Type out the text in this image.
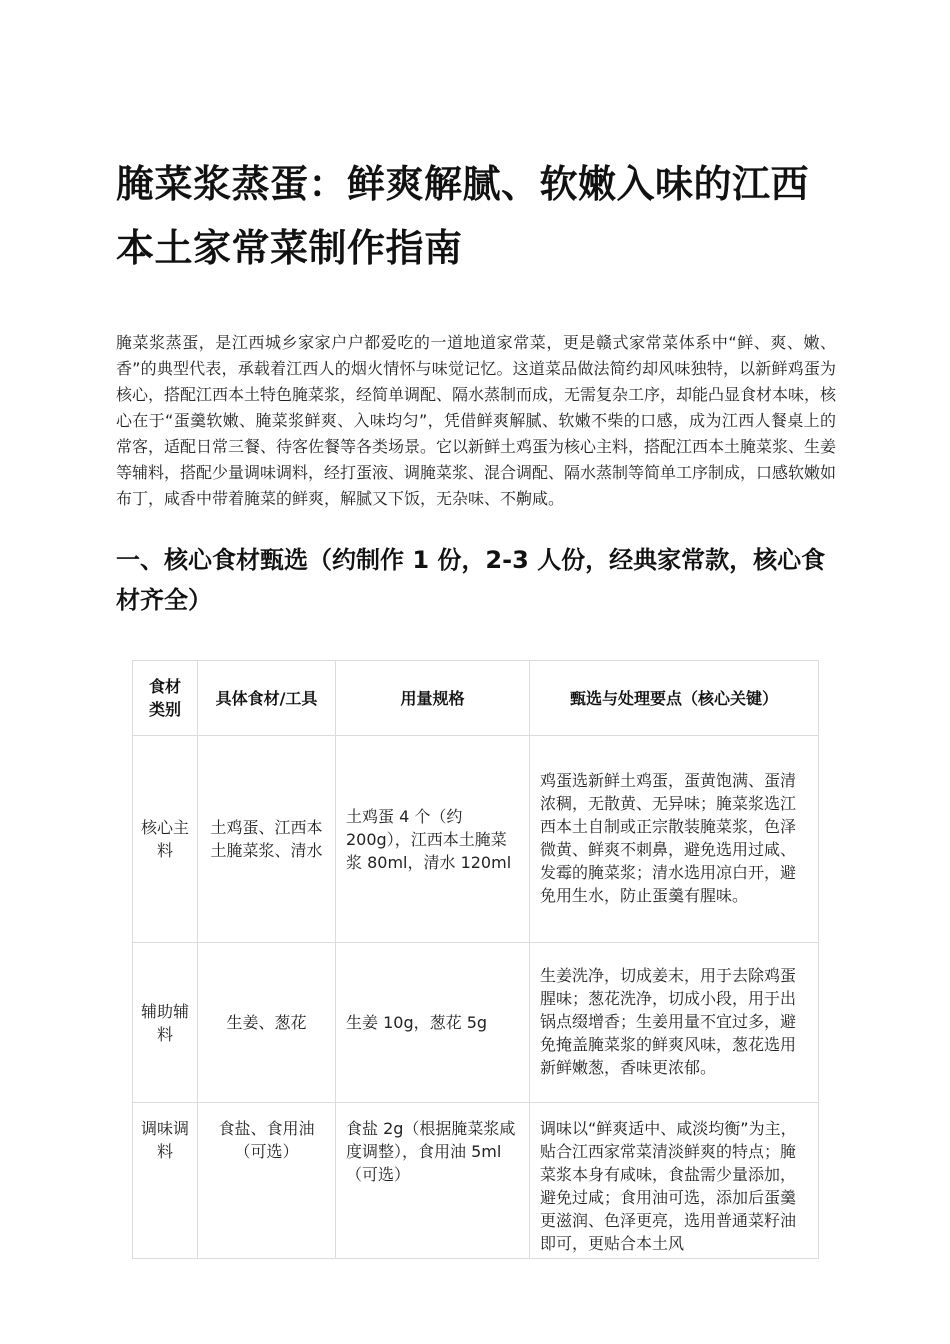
腌菜浆蒸蛋：鲜爽解腻、软嫩入味的江西本土家常菜制作指南

腌菜浆蒸蛋，是江西城乡家家户户都爱吃的一道地道家常菜，更是赣式家常菜体系中“鲜、爽、嫩、香”的典型代表，承载着江西人的烟火情怀与味觉记忆。这道菜品做法简约却风味独特，以新鲜鸡蛋为核心，搭配江西本土特色腌菜浆，经简单调配、隔水蒸制而成，无需复杂工序，却能凸显食材本味，核心在于“蛋羹软嫩、腌菜浆鲜爽、入味均匀”，凭借鲜爽解腻、软嫩不柴的口感，成为江西人餐桌上的常客，适配日常三餐、待客佐餐等各类场景。它以新鲜土鸡蛋为核心主料，搭配江西本土腌菜浆、生姜等辅料，搭配少量调味调料，经打蛋液、调腌菜浆、混合调配、隔水蒸制等简单工序制成，口感软嫩如布丁，咸香中带着腌菜的鲜爽，解腻又下饭，无杂味、不齁咸。

一、核心食材甄选（约制作 1 份，2-3 人份，经典家常款，核心食材齐全）
食材类别	具体食材/工具	用量规格	甄选与处理要点（核心关键）
核心主料	土鸡蛋、江西本土腌菜浆、清水	土鸡蛋 4 个（约 200g），江西本土腌菜浆 80ml，清水 120ml	鸡蛋选新鲜土鸡蛋，蛋黄饱满、蛋清浓稠，无散黄、无异味；腌菜浆选江西本土自制或正宗散装腌菜浆，色泽微黄、鲜爽不刺鼻，避免选用过咸、发霉的腌菜浆；清水选用凉白开，避免用生水，防止蛋羹有腥味。
辅助辅料	生姜、葱花	生姜 10g，葱花 5g	生姜洗净，切成姜末，用于去除鸡蛋腥味；葱花洗净，切成小段，用于出锅点缀增香；生姜用量不宜过多，避免掩盖腌菜浆的鲜爽风味，葱花选用新鲜嫩葱，香味更浓郁。

调味调料	食盐、食用油（可选）	食盐 2g（根据腌菜浆咸度调整），食用油 5ml（可选）	调味以“鲜爽适中、咸淡均衡”为主，贴合江西家常菜清淡鲜爽的特点；腌菜浆本身有咸味，食盐需少量添加，避免过咸；食用油可选，添加后蛋羹更滋润、色泽更亮，选用普通菜籽油即可，更贴合本土风
